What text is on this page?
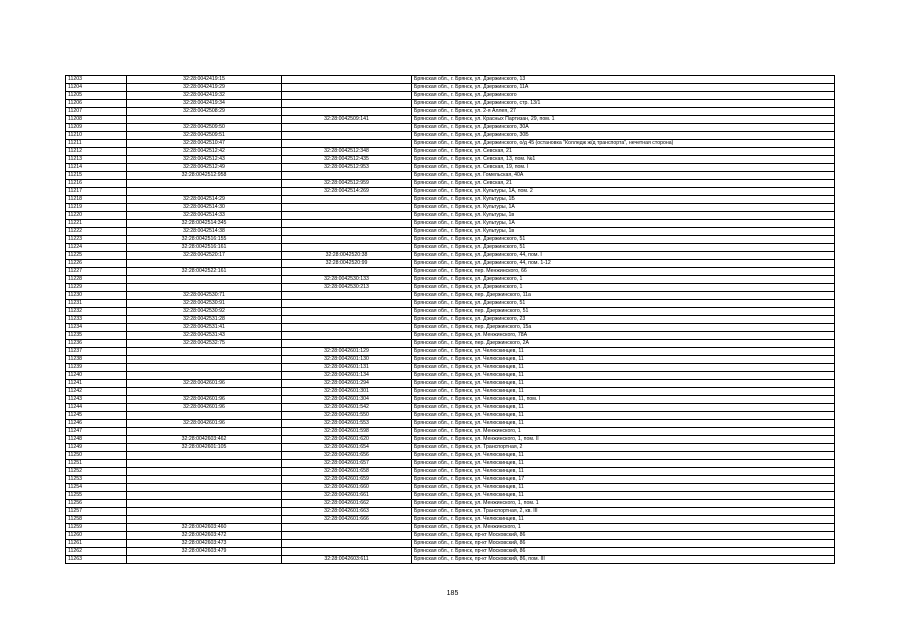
11203	32:28:0042419:15		Брянская обл., г. Брянск, ул. Дзержинского, 13
11204	32:28:0042419:29		Брянская обл., г. Брянск, ул. Дзержинского, 11А
11205	32:28:0042419:32		Брянская обл., г. Брянск, ул. Дзержинского
11206	32:28:0042419:34		Брянская обл., г. Брянск, ул. Дзержинского, стр. 13/1
11207	32:28:0042508:29		Брянская обл., г. Брянск, ул. 2-я Аллея, 27
11208		32:28:0042509:141	Брянская обл., г. Брянск, ул. Красных Партизан, 29, пом. 1
11209	32:28:0042509:50		Брянская обл., г. Брянск, ул. Дзержинского, 30А
11210	32:28:0042509:51		Брянская обл., г. Брянск, ул. Дзержинского, 30Б
11211	32:28:0042510:47		Брянская обл., г. Брянск, ул. Дзержинского, о/д 45 (остановка "Колледж ж/д транспорта", нечетная сторона)
11212	32:28:0042512:42	32:28:0042512:348	Брянская обл., г. Брянск, ул. Севская, 21
11213	32:28:0042512:43	32:28:0042512:435	Брянская обл., г. Брянск, ул. Севская, 13, пом. №1
11214	32:28:0042512:49	32:28:0042512:953	Брянская обл., г. Брянск, ул. Севская, 19, пом. I
11215	32:28:0042512:958		Брянская обл., г. Брянск, ул. Гомельская, 40А
11216		32:28:0042512:959	Брянская обл., г. Брянск, ул. Севская, 21
11217		32:28:0042514:269	Брянская обл., г. Брянск, ул. Культуры, 1А, пом. 2
11218	32:28:0042514:29		Брянская обл., г. Брянск, ул. Культуры, 1Б
11219	32:28:0042514:30		Брянская обл., г. Брянск, ул. Культуры, 1А
11220	32:28:0042514:33		Брянская обл., г. Брянск, ул. Культуры, 1в
11221	32:28:0042514:345		Брянская обл., г. Брянск, ул. Культуры, 1А
11222	32:28:0042514:38		Брянская обл., г. Брянск, ул. Культуры, 1в
11223	32:28:0042516:155		Брянская обл., г. Брянск, ул. Дзержинского, 51
11224	32:28:0042516:161		Брянская обл., г. Брянск, ул. Дзержинского, 51
11225	32:28:0042520:17	32:28:0042520:38	Брянская обл., г. Брянск, ул. Дзержинского, 44, пом. I
11226		32:28:0042520:99	Брянская обл., г. Брянск, ул. Дзержинского, 44, пом. 1-12
11227	32:28:0042522:161		Брянская обл., г. Брянск, пер. Менжинского, 66
11228		32:28:0042530:133	Брянская обл., г. Брянск, ул. Дзержинского, 1
11229		32:28:0042530:213	Брянская обл., г. Брянск, ул. Дзержинского, 1
11230	32:28:0042530:71		Брянская обл., г. Брянск, пер. Дзержинского, 11а
11231	32:28:0042530:91		Брянская обл., г. Брянск, ул. Дзержинского, 51
11232	32:28:0042530:92		Брянская обл., г. Брянск, пер. Дзержинского, 51
11233	32:28:0042531:28		Брянская обл., г. Брянск, ул. Дзержинского, 23
11234	32:28:0042531:41		Брянская обл., г. Брянск, пер. Дзержинского, 15а
11235	32:28:0042531:43		Брянская обл., г. Брянск, ул. Менжинского, 78А
11236	32:28:0042532:75		Брянская обл., г. Брянск, пер. Дзержинского, 2А
11237		32:28:0042601:129	Брянская обл., г. Брянск, ул. Челюскинцев, 11
11238		32:28:0042601:130	Брянская обл., г. Брянск, ул. Челюскинцев, 11
11239		32:28:0042601:131	Брянская обл., г. Брянск, ул. Челюскинцев, 11
11240		32:28:0042601:134	Брянская обл., г. Брянск, ул. Челюскинцев, 11
11241	32:28:0042601:96	32:28:0042601:294	Брянская обл., г. Брянск, ул. Челюскинцев, 11
11242		32:28:0042601:301	Брянская обл., г. Брянск, ул. Челюскинцев, 11
11243	32:28:0042601:96	32:28:0042601:304	Брянская обл., г. Брянск, ул. Челюскинцев, 11, пом. I
11244	32:28:0042601:96	32:28:0042601:542	Брянская обл., г. Брянск, ул. Челюскинцев, 11
11245		32:28:0042601:550	Брянская обл., г. Брянск, ул. Челюскинцев, 11
11246	32:28:0042601:96	32:28:0042601:553	Брянская обл., г. Брянск, ул. Челюскинцев, 11
11247		32:28:0042601:598	Брянская обл., г. Брянск, ул. Менжинского, 1
11248	32:28:0042603:462	32:28:0042601:620	Брянская обл., г. Брянск, ул. Менжинского, 1, пом. II
11249	32:28:0042601:105	32:28:0042601:654	Брянская обл., г. Брянск, ул. Транспортная, 2
11250		32:28:0042601:656	Брянская обл., г. Брянск, ул. Челюскинцев, 11
11251		32:28:0042601:657	Брянская обл., г. Брянск, ул. Челюскинцев, 11
11252		32:28:0042601:658	Брянская обл., г. Брянск, ул. Челюскинцев, 11
11253		32:28:0042601:659	Брянская обл., г. Брянск, ул. Челюскинцев, 17
11254		32:28:0042601:660	Брянская обл., г. Брянск, ул. Челюскинцев, 11
11255		32:28:0042601:661	Брянская обл., г. Брянск, ул. Челюскинцев, 11
11256		32:28:0042601:662	Брянская обл., г. Брянск, ул. Менжинского, 1, пом. 1
11257		32:28:0042601:663	Брянская обл., г. Брянск, ул. Транспортная, 2, кв. III
11258		32:28:0042601:666	Брянская обл., г. Брянск, ул. Челюскинцев, 11
11259	32:28:0042603:460		Брянская обл., г. Брянск, ул. Менжинского, 1
11260	32:28:0042603:472		Брянская обл., г. Брянск, пр-кт Московский, 86
11261	32:28:0042603:473		Брянская обл., г. Брянск, пр-кт Московский, 86
11262	32:28:0042603:479		Брянская обл., г. Брянск, пр-кт Московский, 86
11263		32:28:0042603:611	Брянская обл., г. Брянск, пр-кт Московский, 86, пом. III
185
